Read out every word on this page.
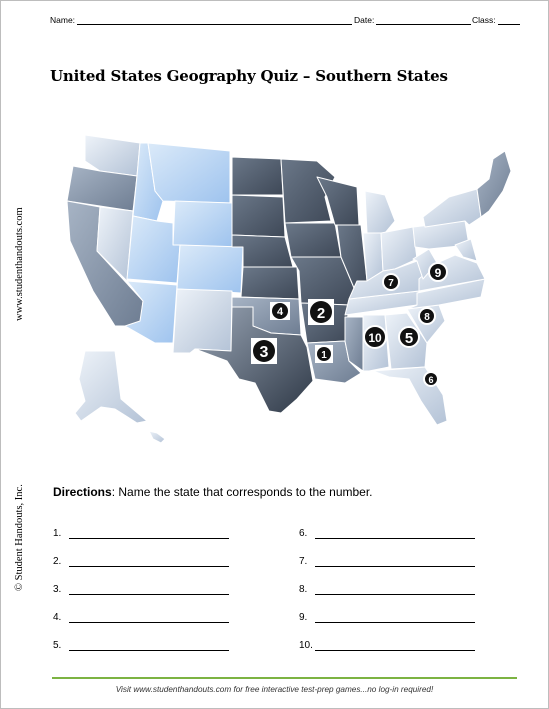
Name:	Date:	Class:
United States Geography Quiz – Southern States
www.studenthandouts.com
© Student Handouts, Inc.
4 2
3	1
10 5
8
7
9
6
Directions: Name the state that corresponds to the number.
1.
2.
3.
4.
5.
6.
7.
8.
9.
10.
Visit www.studenthandouts.com for free interactive test-prep games...no log-in required!
